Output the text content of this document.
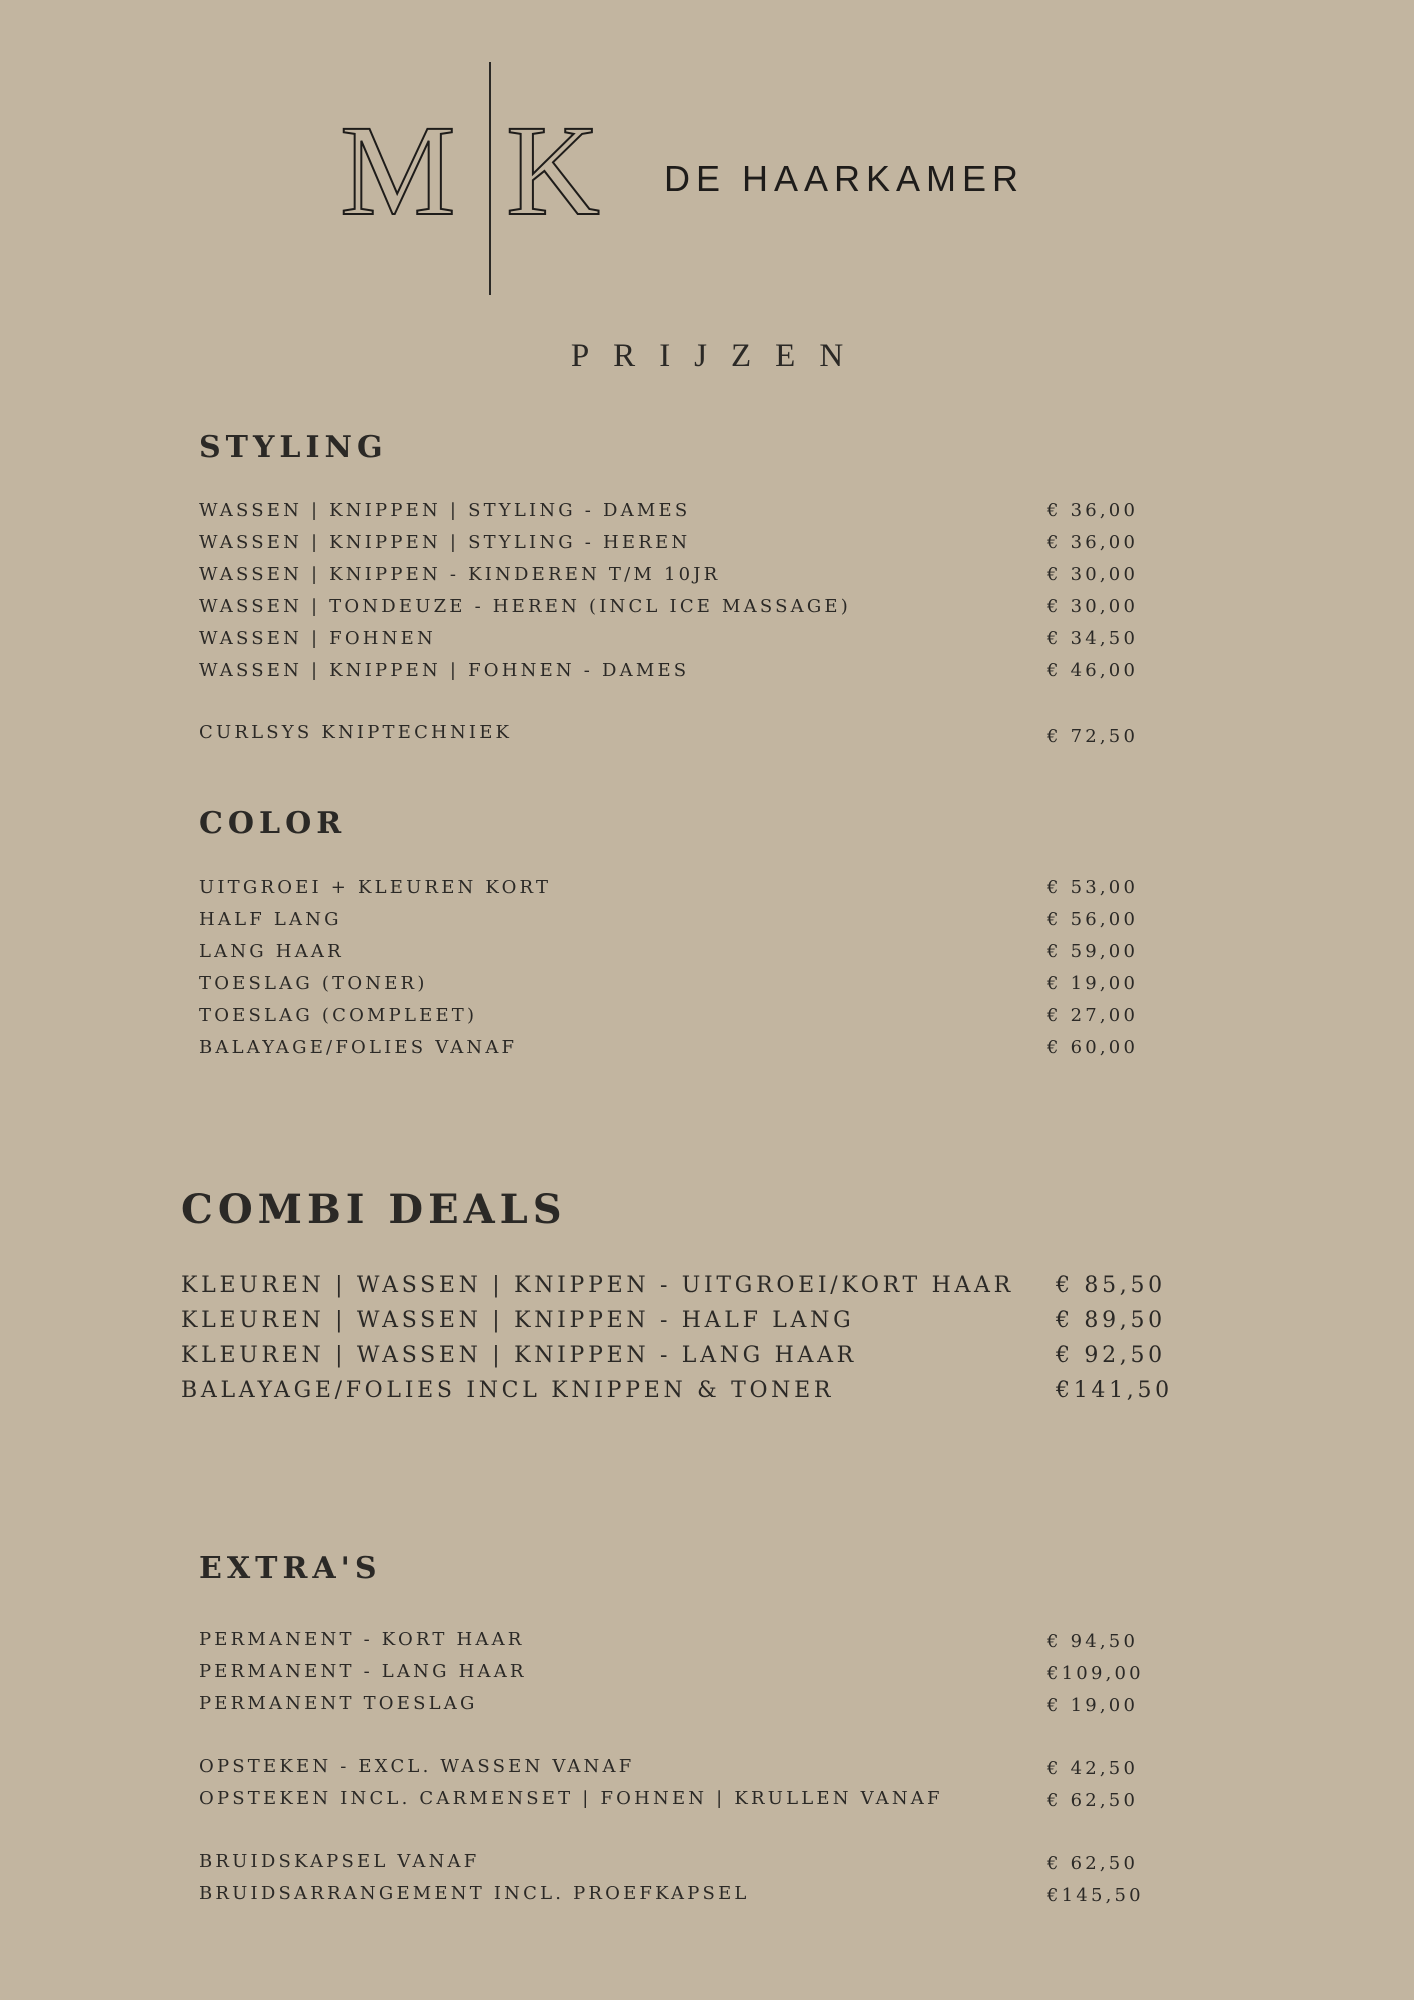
M K DE HAARKAMER
PRIJZEN
STYLING
WASSEN | KNIPPEN | STYLING - DAMES	€ 36,00
WASSEN | KNIPPEN | STYLING - HEREN	€ 36,00
WASSEN | KNIPPEN - KINDEREN T/M 10JR	€ 30,00
WASSEN | TONDEUZE - HEREN (INCL ICE MASSAGE)	€ 30,00
WASSEN | FOHNEN	€ 34,50
WASSEN | KNIPPEN | FOHNEN - DAMES	€ 46,00
CURLSYS KNIPTECHNIEK	€ 72,50
COLOR
UITGROEI + KLEUREN KORT	€ 53,00
HALF LANG	€ 56,00
LANG HAAR	€ 59,00
TOESLAG (TONER)	€ 19,00
TOESLAG (COMPLEET)	€ 27,00
BALAYAGE/FOLIES VANAF	€ 60,00
COMBI DEALS
KLEUREN | WASSEN | KNIPPEN - UITGROEI/KORT HAAR € 85,50
KLEUREN | WASSEN | KNIPPEN - HALF LANG	€ 89,50
KLEUREN | WASSEN | KNIPPEN - LANG HAAR	€ 92,50
BALAYAGE/FOLIES INCL KNIPPEN & TONER	€141,50
EXTRA'S
PERMANENT - KORT HAAR	€ 94,50
PERMANENT - LANG HAAR	€109,00
PERMANENT TOESLAG	€ 19,00
OPSTEKEN - EXCL. WASSEN VANAF	€ 42,50
OPSTEKEN INCL. CARMENSET | FOHNEN | KRULLEN VANAF	€ 62,50
BRUIDSKAPSEL VANAF	€ 62,50
BRUIDSARRANGEMENT INCL. PROEFKAPSEL	€145,50
